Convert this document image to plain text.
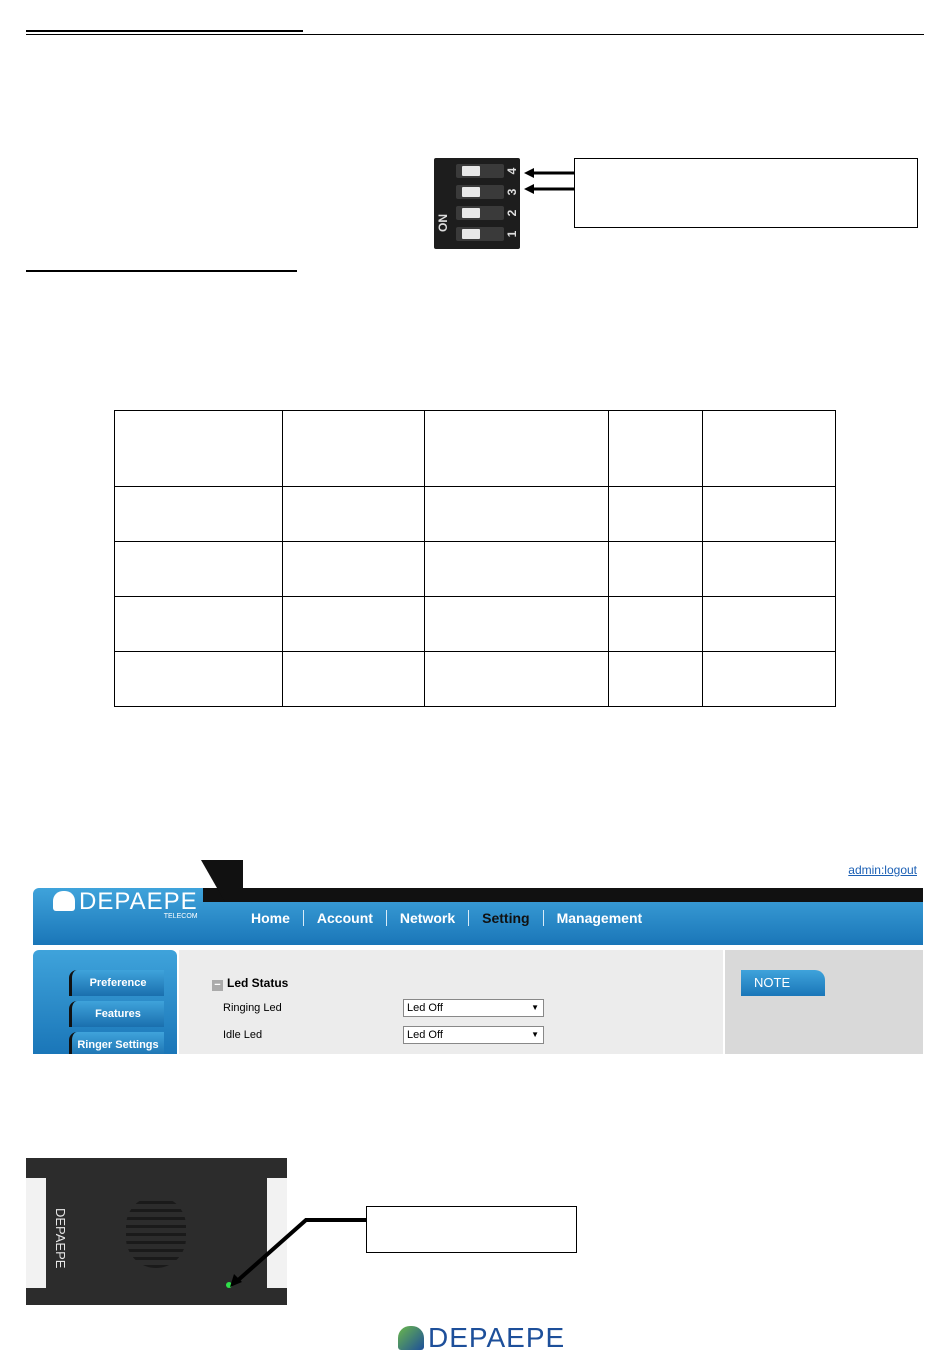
ON
4
3
2
1

admin:logout
DEPAEPE
TELECOM	Home	Account	Network	Setting	Management
Preference
Features
Ringer Settings
− Led Status
Ringing Led	Led Off	▼
Idle Led	Led Off	▼
NOTE
DEPAEPE
DEPAEPE
